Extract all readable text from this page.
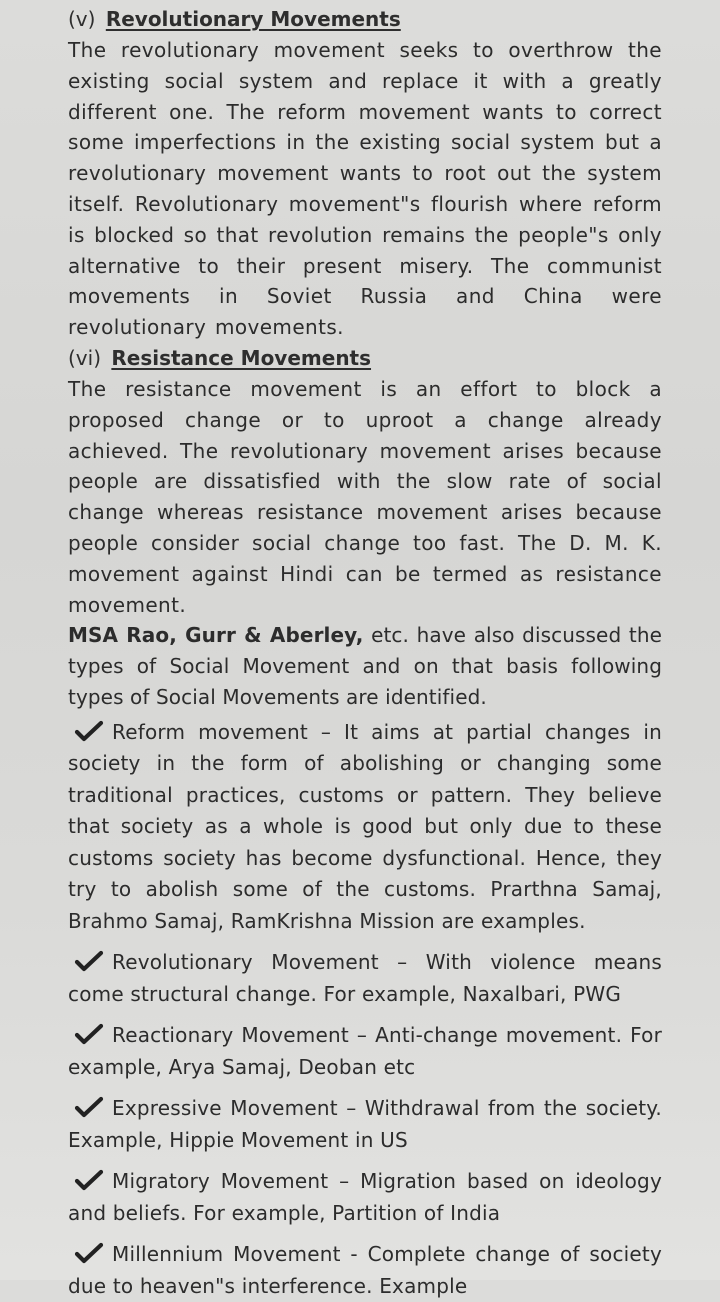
(v) Revolutionary Movements

The revolutionary movement seeks to overthrow the existing social system and replace it with a greatly different one. The reform movement wants to correct some imperfections in the existing social system but a revolutionary movement wants to root out the system itself. Revolutionary movement"s flourish where reform is blocked so that revolution remains the people"s only alternative to their present misery. The communist movements in Soviet Russia and China were revolutionary movements.

(vi) Resistance Movements

The resistance movement is an effort to block a proposed change or to uproot a change already achieved. The revolutionary movement arises because people are dissatisfied with the slow rate of social change whereas resistance movement arises because people consider social change too fast. The D. M. K. movement against Hindi can be termed as resistance movement.

MSA Rao, Gurr & Aberley, etc. have also discussed the types of Social Movement and on that basis following types of Social Movements are identified.

Reform movement – It aims at partial changes in society in the form of abolishing or changing some traditional practices, customs or pattern. They believe that society as a whole is good but only due to these customs society has become dysfunctional. Hence, they try to abolish some of the customs. Prarthna Samaj, Brahmo Samaj, RamKrishna Mission are examples.

Revolutionary Movement – With violence means come structural change. For example, Naxalbari, PWG

Reactionary Movement – Anti-change movement. For example, Arya Samaj, Deoban etc

Expressive Movement – Withdrawal from the society. Example, Hippie Movement in US

Migratory Movement – Migration based on ideology and beliefs. For example, Partition of India

Millennium Movement - Complete change of society due to heaven"s interference. Example
